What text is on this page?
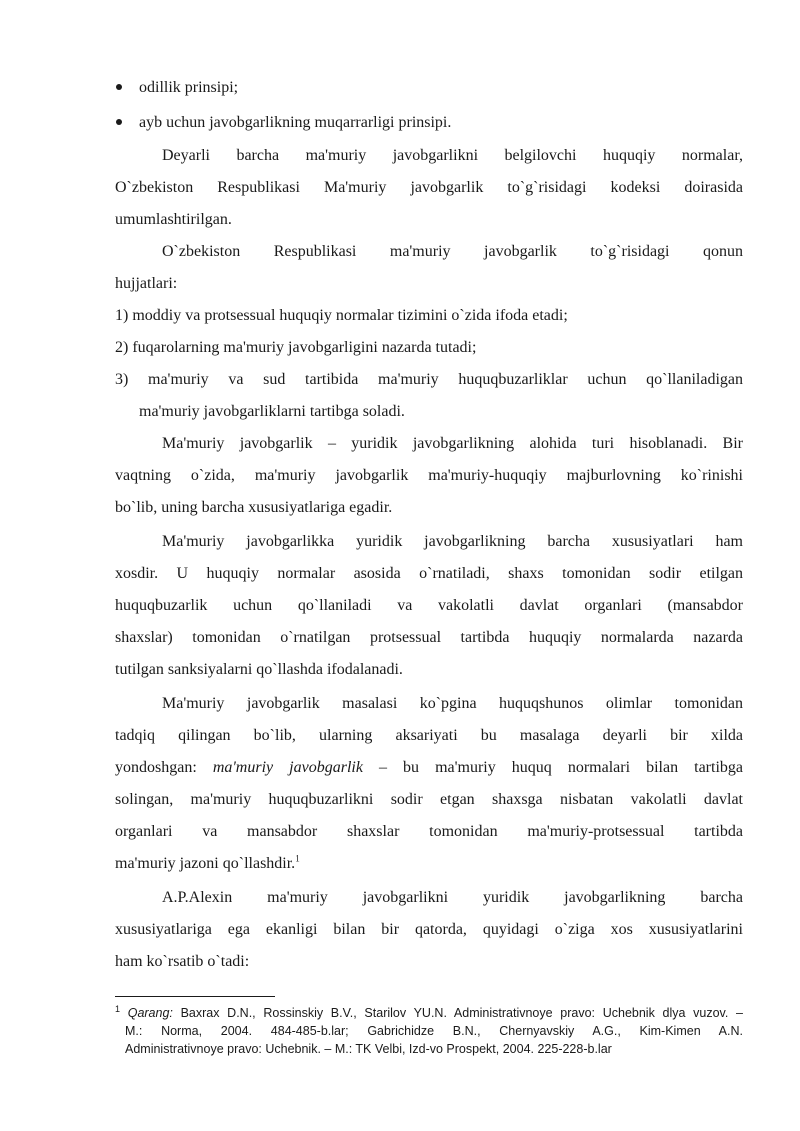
odillik prinsipi;
ayb uchun javobgarlikning muqarrarligi prinsipi.
Deyarli barcha ma'muriy javobgarlikni belgilovchi huquqiy normalar,
O`zbekiston Respublikasi Ma'muriy javobgarlik to`g`risidagi kodeksi doirasida
umumlashtirilgan.
O`zbekiston Respublikasi ma'muriy javobgarlik to`g`risidagi qonun
hujjatlari:
1) moddiy va protsessual huquqiy normalar tizimini o`zida ifoda etadi;
2) fuqarolarning ma'muriy javobgarligini nazarda tutadi;
3) ma'muriy va sud tartibida ma'muriy huquqbuzarliklar uchun qo`llaniladigan
ma'muriy javobgarliklarni tartibga soladi.
Ma'muriy javobgarlik – yuridik javobgarlikning alohida turi hisoblanadi. Bir
vaqtning o`zida, ma'muriy javobgarlik ma'muriy-huquqiy majburlovning ko`rinishi
bo`lib, uning barcha xususiyatlariga egadir.
Ma'muriy javobgarlikka yuridik javobgarlikning barcha xususiyatlari ham
xosdir. U huquqiy normalar asosida o`rnatiladi, shaxs tomonidan sodir etilgan
huquqbuzarlik uchun qo`llaniladi va vakolatli davlat organlari (mansabdor
shaxslar) tomonidan o`rnatilgan protsessual tartibda huquqiy normalarda nazarda
tutilgan sanksiyalarni qo`llashda ifodalanadi.
Ma'muriy javobgarlik masalasi ko`pgina huquqshunos olimlar tomonidan
tadqiq qilingan bo`lib, ularning aksariyati bu masalaga deyarli bir xilda
yondoshgan: ma'muriy javobgarlik – bu ma'muriy huquq normalari bilan tartibga
solingan, ma'muriy huquqbuzarlikni sodir etgan shaxsga nisbatan vakolatli davlat
organlari va mansabdor shaxslar tomonidan ma'muriy-protsessual tartibda
ma'muriy jazoni qo`llashdir.$^1$
A.P.Alexin ma'muriy javobgarlikni yuridik javobgarlikning barcha
xususiyatlariga ega ekanligi bilan bir qatorda, quyidagi o`ziga xos xususiyatlarini
ham ko`rsatib o`tadi:
$^1$ Qarang: Baxrax D.N., Rossinskiy B.V., Starilov YU.N. Administrativnoye pravo: Uchebnik dlya vuzov. –
M.: Norma, 2004. 484-485-b.lar; Gabrichidze B.N., Chernyavskiy A.G., Kim-Kimen A.N.
Administrativnoye pravo: Uchebnik. – M.: TK Velbi, Izd-vo Prospekt, 2004. 225-228-b.lar
